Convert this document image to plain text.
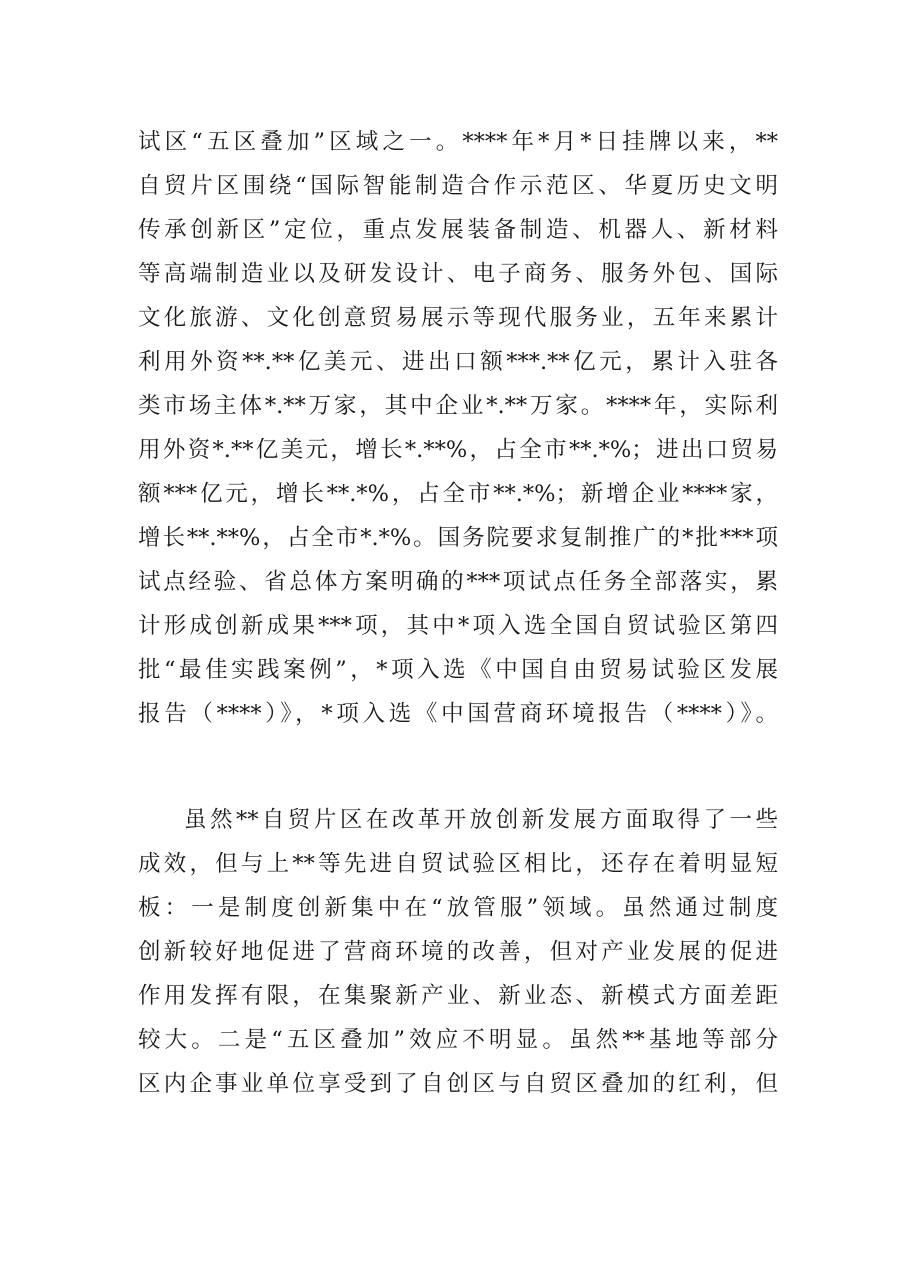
试区“五区叠加”区域之一。****年*月*日挂牌以来，**
自贸片区围绕“国际智能制造合作示范区、华夏历史文明
传承创新区”定位，重点发展装备制造、机器人、新材料
等高端制造业以及研发设计、电子商务、服务外包、国际
文化旅游、文化创意贸易展示等现代服务业，五年来累计
利用外资**.**亿美元、进出口额***.**亿元，累计入驻各
类市场主体*.**万家，其中企业*.**万家。****年，实际利
用外资*.**亿美元，增长*.**%，占全市**.*%；进出口贸易
额***亿元，增长**.*%，占全市**.*%；新增企业****家，
增长**.**%，占全市*.*%。国务院要求复制推广的*批***项
试点经验、省总体方案明确的***项试点任务全部落实，累
计形成创新成果***项，其中*项入选全国自贸试验区第四
批“最佳实践案例”，*项入选《中国自由贸易试验区发展
报告（****）》，*项入选《中国营商环境报告（****）》。
虽然**自贸片区在改革开放创新发展方面取得了一些
成效，但与上**等先进自贸试验区相比，还存在着明显短
板：一是制度创新集中在“放管服”领域。虽然通过制度
创新较好地促进了营商环境的改善，但对产业发展的促进
作用发挥有限，在集聚新产业、新业态、新模式方面差距
较大。二是“五区叠加”效应不明显。虽然**基地等部分
区内企事业单位享受到了自创区与自贸区叠加的红利，但
